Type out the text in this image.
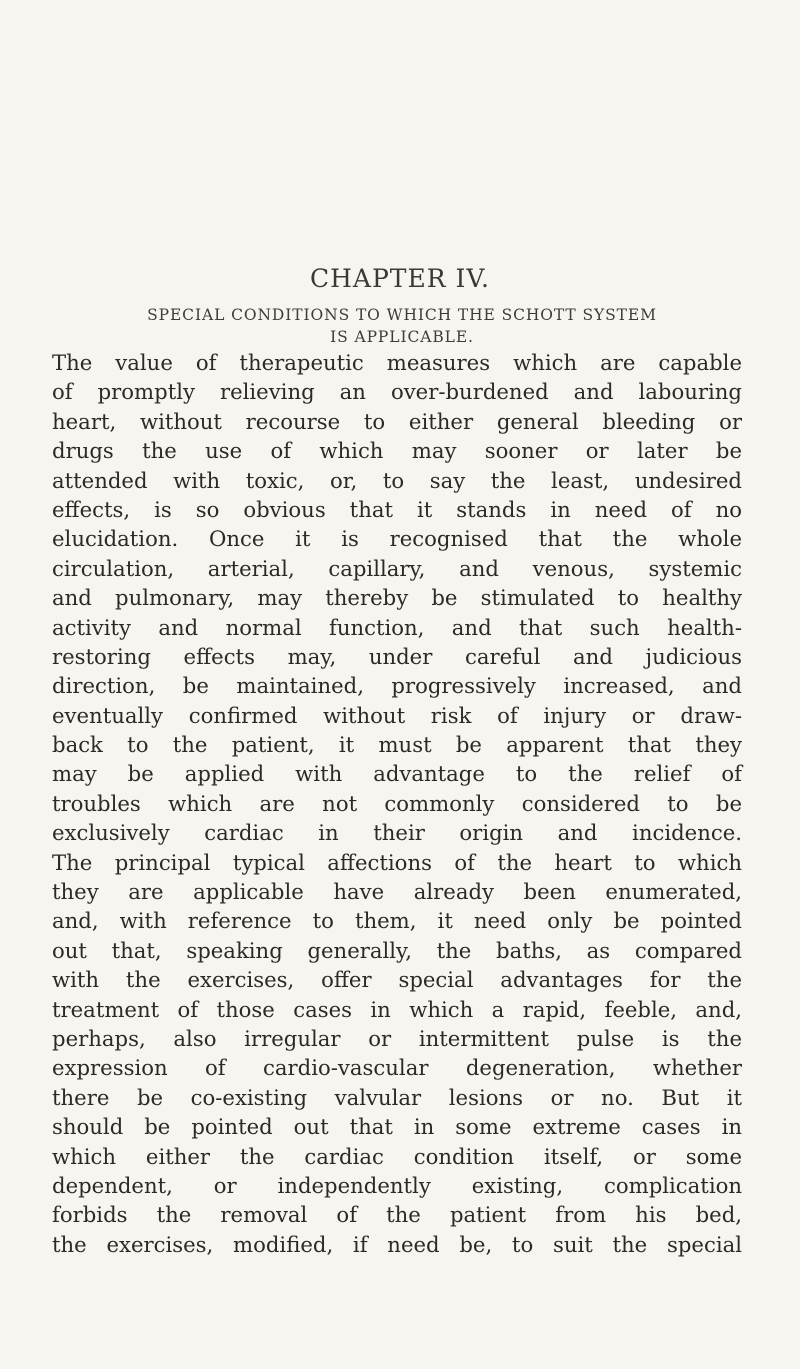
CHAPTER IV.
SPECIAL CONDITIONS TO WHICH THE SCHOTT SYSTEM
IS APPLICABLE.
The value of therapeutic measures which are capable
of promptly relieving an over-burdened and labouring
heart, without recourse to either general bleeding or
drugs the use of which may sooner or later be
attended with toxic, or, to say the least, undesired
effects, is so obvious that it stands in need of no
elucidation. Once it is recognised that the whole
circulation, arterial, capillary, and venous, systemic
and pulmonary, may thereby be stimulated to healthy
activity and normal function, and that such health-
restoring effects may, under careful and judicious
direction, be maintained, progressively increased, and
eventually confirmed without risk of injury or draw-
back to the patient, it must be apparent that they
may be applied with advantage to the relief of
troubles which are not commonly considered to be
exclusively cardiac in their origin and incidence.
The principal typical affections of the heart to which
they are applicable have already been enumerated,
and, with reference to them, it need only be pointed
out that, speaking generally, the baths, as compared
with the exercises, offer special advantages for the
treatment of those cases in which a rapid, feeble, and,
perhaps, also irregular or intermittent pulse is the
expression of cardio-vascular degeneration, whether
there be co-existing valvular lesions or no. But it
should be pointed out that in some extreme cases in
which either the cardiac condition itself, or some
dependent, or independently existing, complication
forbids the removal of the patient from his bed,
the exercises, modified, if need be, to suit the special
